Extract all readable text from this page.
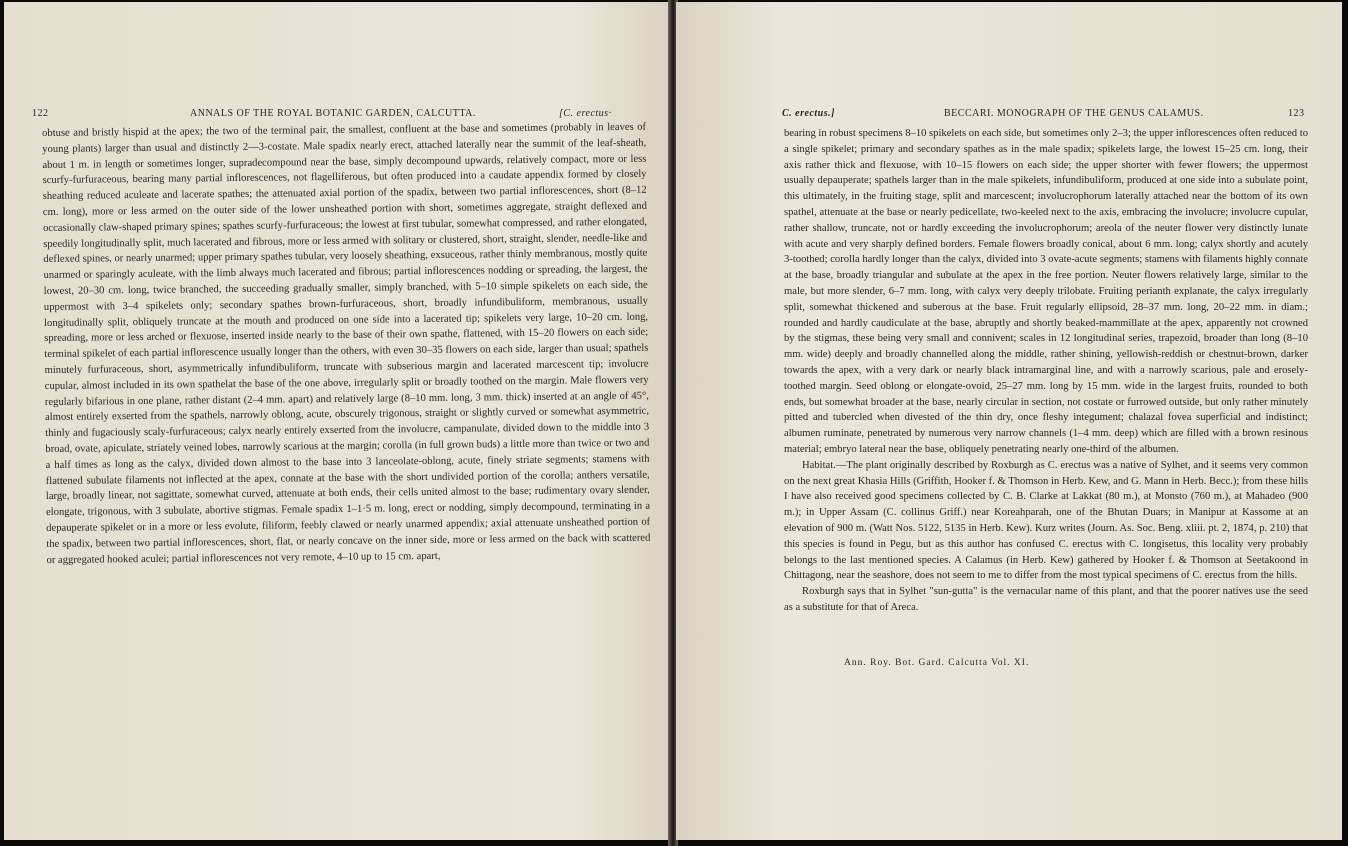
122	ANNALS OF THE ROYAL BOTANIC GARDEN, CALCUTTA.	[C. erectus·

obtuse and bristly hispid at the apex; the two of the terminal pair, the smallest, confluent at the base and sometimes (probably in leaves of young plants) larger than usual and distinctly 2—3-costate. Male spadix nearly erect, attached laterally near the summit of the leaf-sheath, about 1 m. in length or sometimes longer, supradecompound near the base, simply decompound upwards, relatively compact, more or less scurfy-furfuraceous, bearing many partial inflorescences, not flagelliferous, but often produced into a caudate appendix formed by closely sheathing reduced aculeate and lacerate spathes; the attenuated axial portion of the spadix, between two partial inflorescences, short (8–12 cm. long), more or less armed on the outer side of the lower unsheathed portion with short, sometimes aggregate, straight deflexed and occasionally claw-shaped primary spines; spathes scurfy-furfuraceous; the lowest at first tubular, somewhat compressed, and rather elongated, speedily longitudinally split, much lacerated and fibrous, more or less armed with solitary or clustered, short, straight, slender, needle-like and deflexed spines, or nearly unarmed; upper primary spathes tubular, very loosely sheathing, exsuceous, rather thinly membranous, mostly quite unarmed or sparingly aculeate, with the limb always much lacerated and fibrous; partial inflorescences nodding or spreading, the largest, the lowest, 20–30 cm. long, twice branched, the succeeding gradually smaller, simply branched, with 5–10 simple spikelets on each side, the uppermost with 3–4 spikelets only; secondary spathes brown-furfuraceous, short, broadly infundibuliform, membranous, usually longitudinally split, obliquely truncate at the mouth and produced on one side into a lacerated tip; spikelets very large, 10–20 cm. long, spreading, more or less arched or flexuose, inserted inside nearly to the base of their own spathe, flattened, with 15–20 flowers on each side; terminal spikelet of each partial inflorescence usually longer than the others, with even 30–35 flowers on each side, larger than usual; spathels minutely furfuraceous, short, asymmetrically infundibuliform, truncate with subserious margin and lacerated marcescent tip; involucre cupular, almost included in its own spathelat the base of the one above, irregularly split or broadly toothed on the margin. Male flowers very regularly bifarious in one plane, rather distant (2–4 mm. apart) and relatively large (8–10 mm. long, 3 mm. thick) inserted at an angle of 45°, almost entirely exserted from the spathels, narrowly oblong, acute, obscurely trigonous, straight or slightly curved or somewhat asymmetric, thinly and fugaciously scaly-furfuraceous; calyx nearly entirely exserted from the involucre, campanulate, divided down to the middle into 3 broad, ovate, apiculate, striately veined lobes, narrowly scarious at the margin; corolla (in full grown buds) a little more than twice or two and a half times as long as the calyx, divided down almost to the base into 3 lanceolate-oblong, acute, finely striate segments; stamens with flattened subulate filaments not inflected at the apex, connate at the base with the short undivided portion of the corolla; anthers versatile, large, broadly linear, not sagittate, somewhat curved, attenuate at both ends, their cells united almost to the base; rudimentary ovary slender, elongate, trigonous, with 3 subulate, abortive stigmas. Female spadix 1–1·5 m. long, erect or nodding, simply decompound, terminating in a depauperate spikelet or in a more or less evolute, filiform, feebly clawed or nearly unarmed appendix; axial attenuate unsheathed portion of the spadix, between two partial inflorescences, short, flat, or nearly concave on the inner side, more or less armed on the back with scattered or aggregated hooked aculei; partial inflorescences not very remote, 4–10 up to 15 cm. apart,

C. erectus.]	BECCARI. MONOGRAPH OF THE GENUS CALAMUS.	123

bearing in robust specimens 8–10 spikelets on each side, but sometimes only 2–3; the upper inflorescences often reduced to a single spikelet; primary and secondary spathes as in the male spadix; spikelets large, the lowest 15–25 cm. long, their axis rather thick and flexuose, with 10–15 flowers on each side; the upper shorter with fewer flowers; the uppermost usually depauperate; spathels larger than in the male spikelets, infundibuliform, produced at one side into a subulate point, this ultimately, in the fruiting stage, split and marcescent; involucrophorum laterally attached near the bottom of its own spathel, attenuate at the base or nearly pedicellate, two-keeled next to the axis, embracing the involucre; involucre cupular, rather shallow, truncate, not or hardly exceeding the involucrophorum; areola of the neuter flower very distinctly lunate with acute and very sharply defined borders. Female flowers broadly conical, about 6 mm. long; calyx shortly and acutely 3-toothed; corolla hardly longer than the calyx, divided into 3 ovate-acute segments; stamens with filaments highly connate at the base, broadly triangular and subulate at the apex in the free portion. Neuter flowers relatively large, similar to the male, but more slender, 6–7 mm. long, with calyx very deeply trilobate. Fruiting perianth explanate, the calyx irregularly split, somewhat thickened and suberous at the base. Fruit regularly ellipsoid, 28–37 mm. long, 20–22 mm. in diam.; rounded and hardly caudiculate at the base, abruptly and shortly beaked-mammillate at the apex, apparently not crowned by the stigmas, these being very small and connivent; scales in 12 longitudinal series, trapezoid, broader than long (8–10 mm. wide) deeply and broadly channelled along the middle, rather shining, yellowish-reddish or chestnut-brown, darker towards the apex, with a very dark or nearly black intramarginal line, and with a narrowly scarious, pale and erosely-toothed margin. Seed oblong or elongate-ovoid, 25–27 mm. long by 15 mm. wide in the largest fruits, rounded to both ends, but somewhat broader at the base, nearly circular in section, not costate or furrowed outside, but only rather minutely pitted and tubercled when divested of the thin dry, once fleshy integument; chalazal fovea superficial and indistinct; albumen ruminate, penetrated by numerous very narrow channels (1–4 mm. deep) which are filled with a brown resinous material; embryo lateral near the base, obliquely penetrating nearly one-third of the albumen.

Habitat.—The plant originally described by Roxburgh as C. erectus was a native of Sylhet, and it seems very common on the next great Khasia Hills (Griffith, Hooker f. & Thomson in Herb. Kew, and G. Mann in Herb. Becc.); from these hills I have also received good specimens collected by C. B. Clarke at Lakkat (80 m.), at Monsto (760 m.), at Mahadeo (900 m.); in Upper Assam (C. collinus Griff.) near Koreahparah, one of the Bhutan Duars; in Manipur at Kassome at an elevation of 900 m. (Watt Nos. 5122, 5135 in Herb. Kew). Kurz writes (Journ. As. Soc. Beng. xliii. pt. 2, 1874, p. 210) that this species is found in Pegu, but as this author has confused C. erectus with C. longisetus, this locality very probably belongs to the last mentioned species. A Calamus (in Herb. Kew) gathered by Hooker f. & Thomson at Seetakoond in Chittagong, near the seashore, does not seem to me to differ from the most typical specimens of C. erectus from the hills.

Roxburgh says that in Sylhet "sun-gutta" is the vernacular name of this plant, and that the poorer natives use the seed as a substitute for that of Areca.

Ann. Roy. Bot. Gard. Calcutta Vol. XI.
